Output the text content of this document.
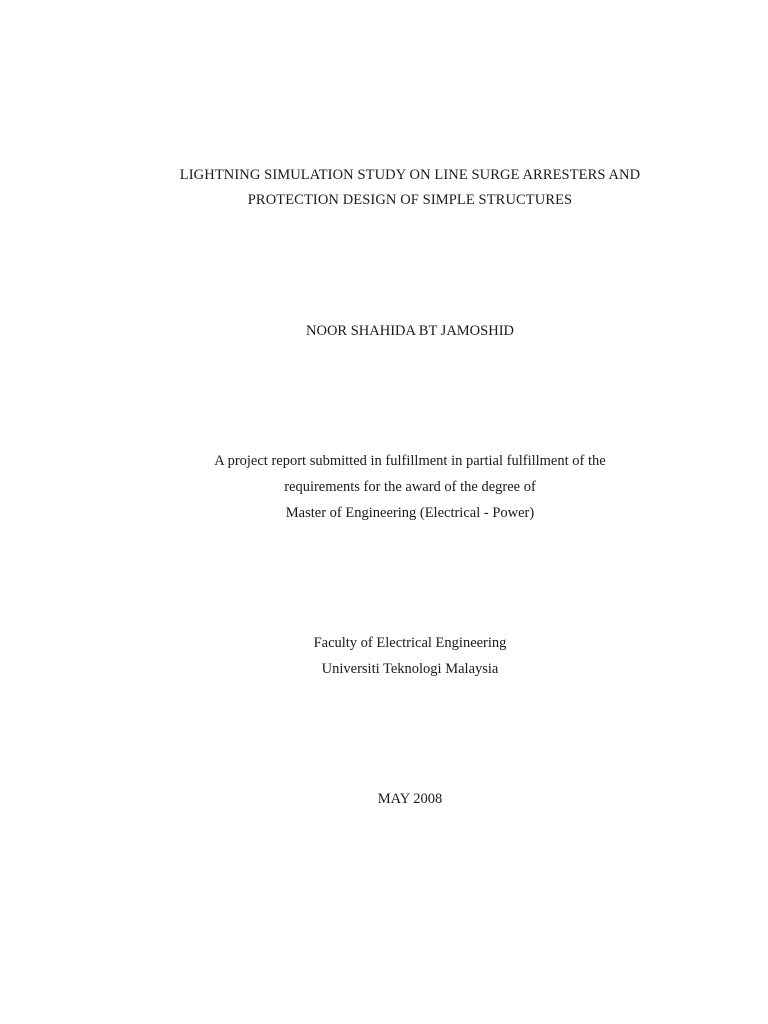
LIGHTNING SIMULATION STUDY ON LINE SURGE ARRESTERS AND
PROTECTION DESIGN OF SIMPLE STRUCTURES
NOOR SHAHIDA BT JAMOSHID
A project report submitted in fulfillment in partial fulfillment of the
requirements for the award of the degree of
Master of Engineering (Electrical - Power)
Faculty of Electrical Engineering
Universiti Teknologi Malaysia
MAY 2008
